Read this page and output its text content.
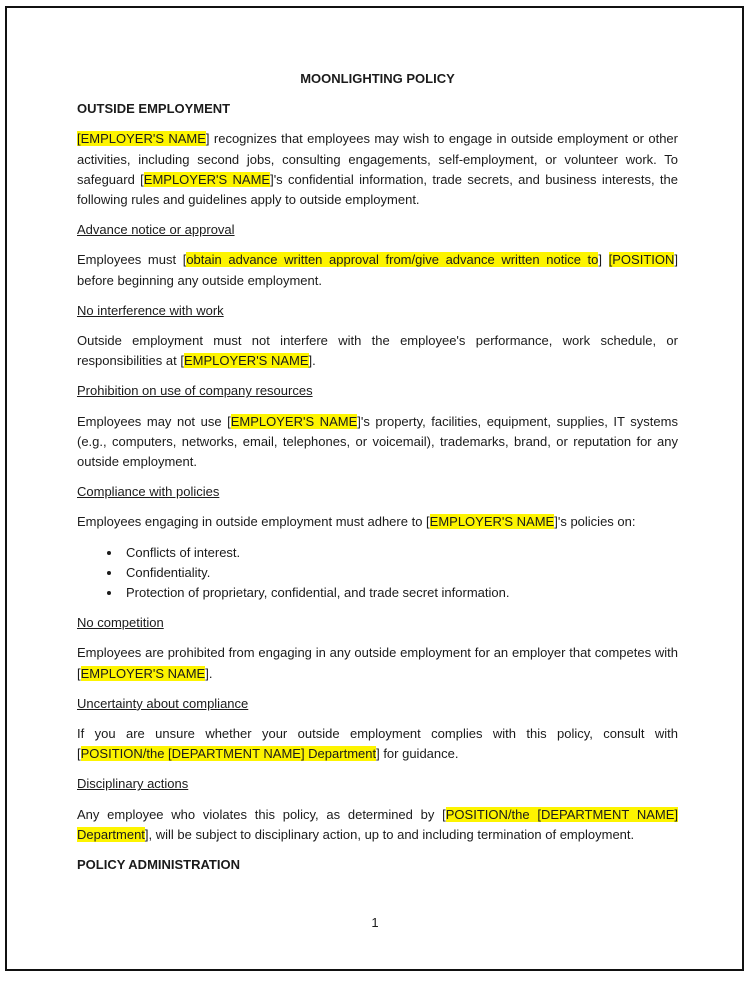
MOONLIGHTING POLICY
OUTSIDE EMPLOYMENT

[EMPLOYER'S NAME] recognizes that employees may wish to engage in outside employment or other activities, including second jobs, consulting engagements, self-employment, or volunteer work. To safeguard [EMPLOYER'S NAME]'s confidential information, trade secrets, and business interests, the following rules and guidelines apply to outside employment.

Advance notice or approval

Employees must [obtain advance written approval from/give advance written notice to] [POSITION] before beginning any outside employment.

No interference with work

Outside employment must not interfere with the employee's performance, work schedule, or responsibilities at [EMPLOYER'S NAME].

Prohibition on use of company resources

Employees may not use [EMPLOYER'S NAME]'s property, facilities, equipment, supplies, IT systems (e.g., computers, networks, email, telephones, or voicemail), trademarks, brand, or reputation for any outside employment.

Compliance with policies

Employees engaging in outside employment must adhere to [EMPLOYER'S NAME]'s policies on:

• Conflicts of interest.
• Confidentiality.
• Protection of proprietary, confidential, and trade secret information.
No competition

Employees are prohibited from engaging in any outside employment for an employer that competes with [EMPLOYER'S NAME].

Uncertainty about compliance

If you are unsure whether your outside employment complies with this policy, consult with [POSITION/the [DEPARTMENT NAME] Department] for guidance.

Disciplinary actions

Any employee who violates this policy, as determined by [POSITION/the [DEPARTMENT NAME] Department], will be subject to disciplinary action, up to and including termination of employment.

POLICY ADMINISTRATION
1
